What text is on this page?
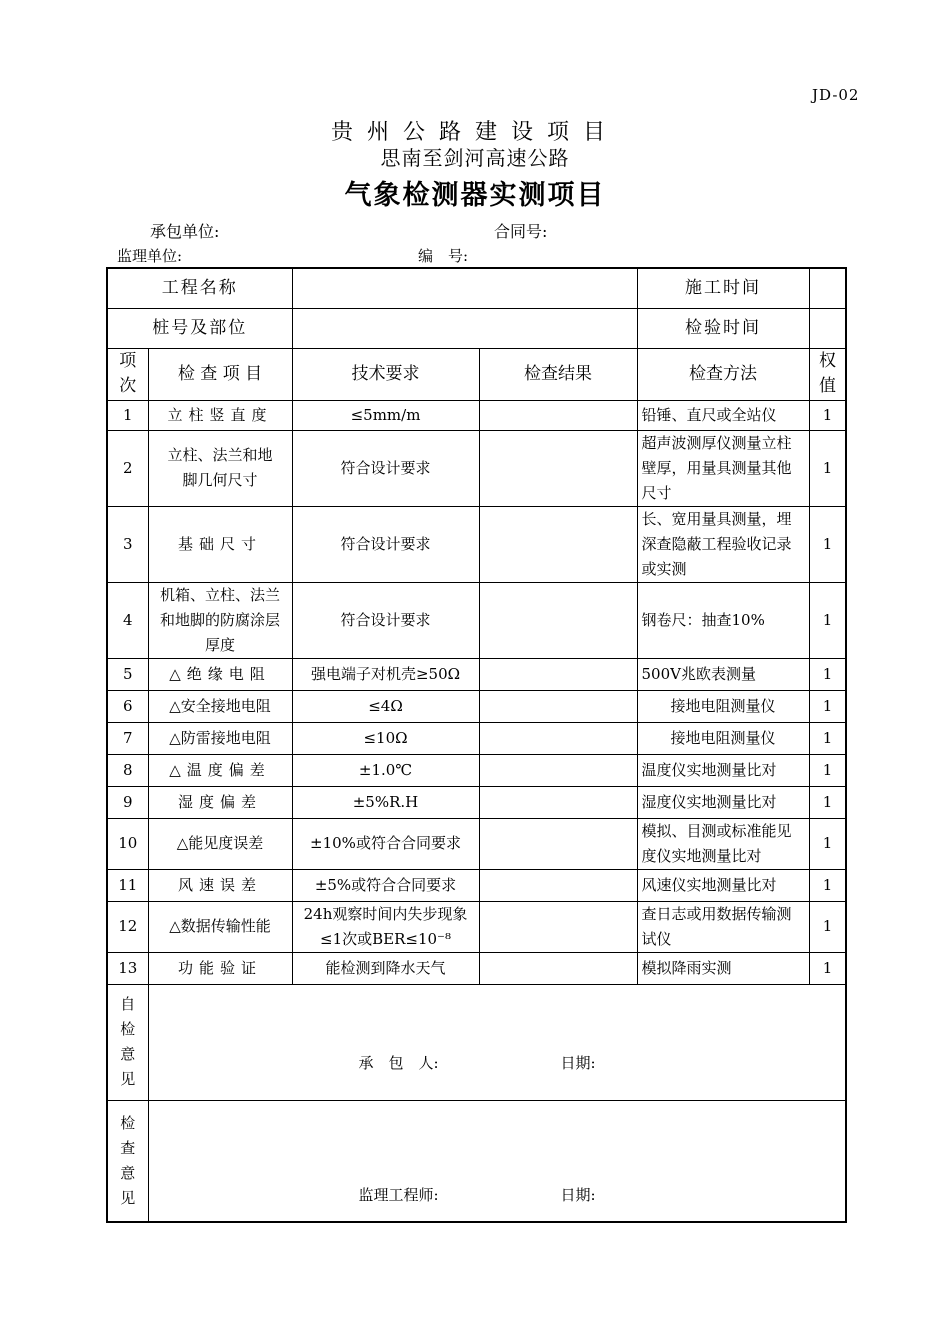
JD-02
贵州公路建设项目
思南至剑河高速公路
气象检测器实测项目
承包单位:	合同号:
监理单位:	编　号:
工程名称				施工时间	
桩号及部位				检验时间	

项次	检 查 项 目	技术要求	检查结果	检查方法	权值

1	立柱竖直度	≤5mm/m		铅锤、直尺或全站仪	1
2	立柱、法兰和地脚几何尺寸	符合设计要求		超声波测厚仪测量立柱壁厚，用量具测量其他尺寸	1
3	基础尺寸	符合设计要求		长、宽用量具测量，埋深查隐蔽工程验收记录或实测	1
4	机箱、立柱、法兰和地脚的防腐涂层厚度	符合设计要求		钢卷尺：抽查10%	1
5	△绝缘电阻	强电端子对机壳≥50Ω		500V兆欧表测量	1
6	△安全接地电阻	≤4Ω		接地电阻测量仪	1
7	△防雷接地电阻	≤10Ω		接地电阻测量仪	1
8	△温度偏差	±1.0℃		温度仪实地测量比对	1
9	湿度偏差	±5%R.H		湿度仪实地测量比对	1
10	△能见度误差	±10%或符合合同要求		模拟、目测或标准能见度仪实地测量比对	1
11	风速误差	±5%或符合合同要求		风速仪实地测量比对	1
12	△数据传输性能	24h观察时间内失步现象≤1次或BER≤10⁻⁸		查日志或用数据传输测试仪	1
13	功能验证	能检测到降水天气		模拟降雨实测	1

自检意见	承　包　人: 日期:				

检查意见	监理工程师: 日期:				
